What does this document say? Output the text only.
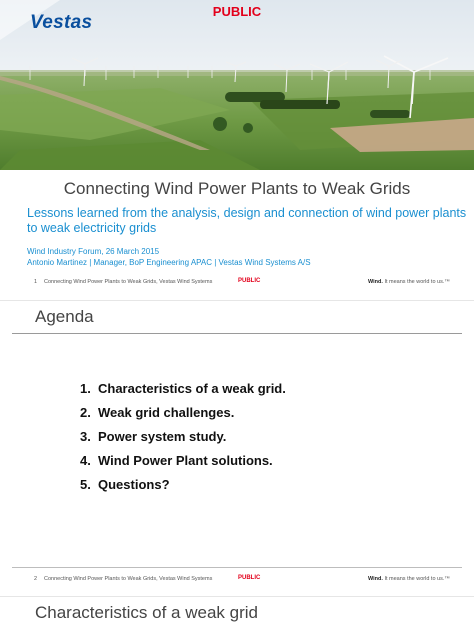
Vestas
PUBLIC
Connecting Wind Power Plants to Weak Grids
Lessons learned from the analysis, design and connection of wind power plants to weak electricity grids
Wind Industry Forum, 26 March 2015
Antonio Martinez | Manager, BoP Engineering APAC | Vestas Wind Systems A/S
1 Connecting Wind Power Plants to Weak Grids, Vestas Wind Systems	PUBLIC	Wind. It means the world to us.™
Agenda
1. Characteristics of a weak grid.
2. Weak grid challenges.
3. Power system study.
4. Wind Power Plant solutions.
5. Questions?
2 Connecting Wind Power Plants to Weak Grids, Vestas Wind Systems	PUBLIC	Wind. It means the world to us.™
Characteristics of a weak grid
